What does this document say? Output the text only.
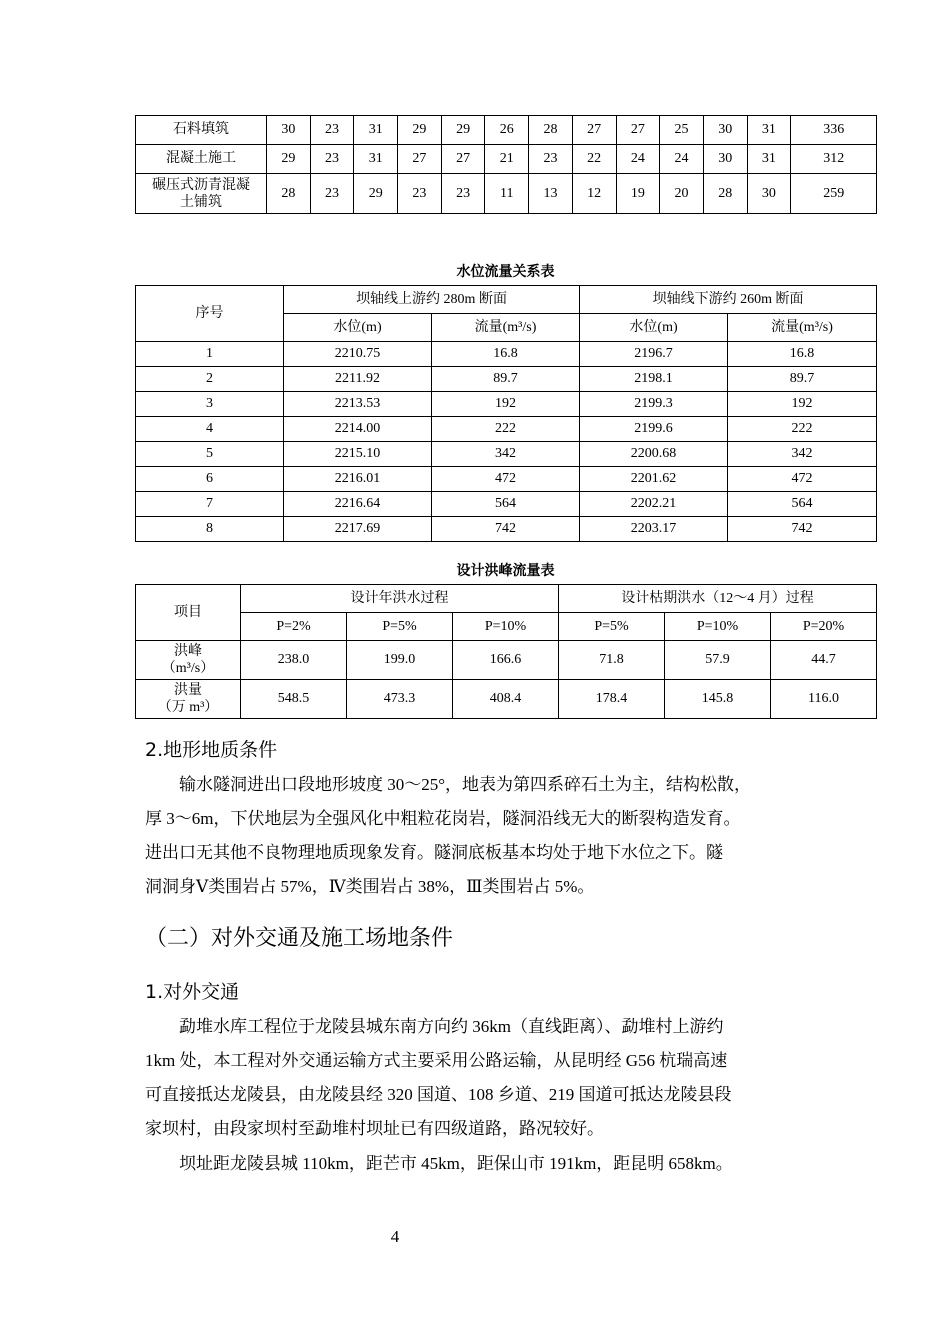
石料填筑	30	23	31	29	29	26	28	27	27	25	30	31	336
混凝土施工	29	23	31	27	27	21	23	22	24	24	30	31	312
碾压式沥青混凝土铺筑	28	23	29	23	23	11	13	12	19	20	28	30	259
水位流量关系表
序号	坝轴线上游约 280m 断面		坝轴线下游约 260m 断面	
	水位(m)	流量(m³/s)	水位(m)	流量(m³/s)
1	2210.75	16.8	2196.7	16.8
2	2211.92	89.7	2198.1	89.7
3	2213.53	192	2199.3	192
4	2214.00	222	2199.6	222
5	2215.10	342	2200.68	342
6	2216.01	472	2201.62	472
7	2216.64	564	2202.21	564
8	2217.69	742	2203.17	742
设计洪峰流量表
项目	设计年洪水过程			设计枯期洪水（12～4 月）过程		
	P=2%	P=5%	P=10%	P=5%	P=10%	P=20%

洪峰
（m³/s）	238.0	199.0	166.6	71.8	57.9	44.7

洪量
（万 m³）	548.5	473.3	408.4	178.4	145.8	116.0
2.地形地质条件

输水隧洞进出口段地形坡度 30～25°，地表为第四系碎石土为主，结构松散，
厚 3～6m，下伏地层为全强风化中粗粒花岗岩，隧洞沿线无大的断裂构造发育。
进出口无其他不良物理地质现象发育。隧洞底板基本均处于地下水位之下。隧
洞洞身Ⅴ类围岩占 57%，Ⅳ类围岩占 38%，Ⅲ类围岩占 5%。

（二）对外交通及施工场地条件
1.对外交通

勐堆水库工程位于龙陵县城东南方向约 36km（直线距离）、勐堆村上游约
1km 处，本工程对外交通运输方式主要采用公路运输，从昆明经 G56 杭瑞高速
可直接抵达龙陵县，由龙陵县经 320 国道、108 乡道、219 国道可抵达龙陵县段
家坝村，由段家坝村至勐堆村坝址已有四级道路，路况较好。

坝址距龙陵县城 110km，距芒市 45km，距保山市 191km，距昆明 658km。

4
